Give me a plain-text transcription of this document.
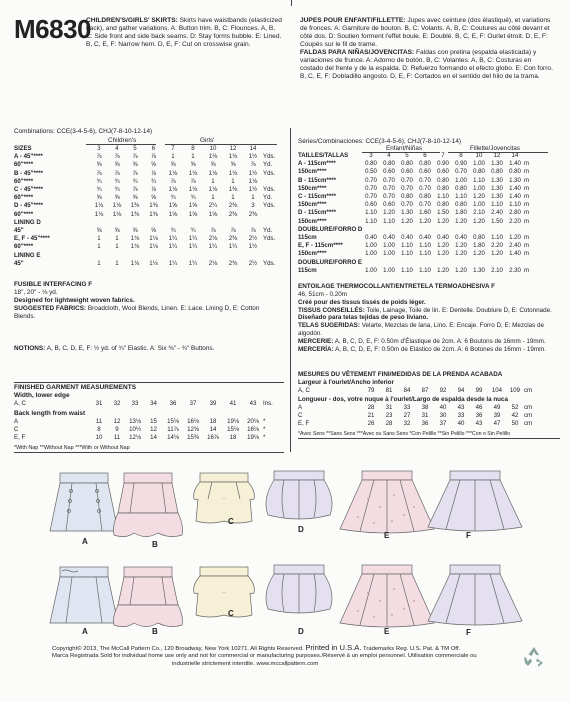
M6830
CHILDREN'S/GIRLS' SKIRTS: Skirts have waistbands (elasticized back), and gather variations. A: Button trim. B, C: Flounces. A, B, C: Side front and side back seams. D: Stay forms bubble. E: Lined. B, C, E, F: Narrow hem. D, E, F: Cut on crosswise grain.
JUPES POUR ENFANT/FILLETTE: Jupes avec ceinture (dos élastiqué), et variations de fronces. A: Garniture de bouton. B, C: Volants. A, B, C: Coutures au côté devant et côté dos. D: Soutien forment l'effet boule. E: Doublé. B, C, E, F: Ourlet étroit. D, E, F: Coupés sur le fil de trame.
FALDAS PARA NIÑAS/JOVENCITAS: Faldas con pretina (espalda elasticada) y variaciones de frunce. A: Adorno de botón. B, C: Volantes. A, B, C: Costuras en costado del frente y de la espalda. D: Refuerzo formando el efecto globo. E: Con forro. B, C, E, F: Dobladillo angosto. D, E, F: Cortados en el sentido del hilo de la trama.
Combinations: CCE(3-4-5-6), CHJ(7-8-10-12-14)
Children's	Girls'
SIZES	3	4	5	6	7	8	10	12	14	
A - 45"****	⅞	⅞	⅞	⅞	1	1	1⅛	1⅛	1½	Yds.
60"****	⅝	⅝	⅝	⅝	⅝	⅝	⅝	⅝	⅞	Yd.
B - 45"****	⅞	⅞	⅞	⅞	1⅛	1⅛	1⅛	1⅛	1½	Yds.
60"****	¾	¾	¾	¾	⅞	⅞	1	1	1⅛	
C - 45"****	¾	¾	⅞	⅞	1⅛	1⅛	1⅛	1⅜	1½	Yds.
60"****	⅝	⅝	⅝	⅝	¾	¾	1	1	1	Yd.
D - 45"****	1⅛	1⅛	1⅜	1⅜	1⅝	1⅝	2¼	2⅜	3	Yds.
60"****	1⅛	1⅛	1⅜	1⅜	1⅝	1⅝	1⅝	2⅜	2⅜	
LINING D										
45"	⅝	⅝	⅝	⅝	¾	¾	⅞	⅞	⅞	Yd.
E, F - 45"****	1	1	1⅛	1⅛	1¼	1¼	2⅛	2⅜	2½	Yds.
60"****	1	1	1⅛	1⅛	1¼	1¼	1¼	1¼	1½	
LINING E										
45"	1	1	1⅛	1⅛	1¼	1¼	2⅛	2⅜	2½	Yds.
Séries/Combinaciones: CCE(3-4-5-6), CHJ(7-8-10-12-14)
Enfant/Niñas	Fillette/Jovencitas
TAILLES/TALLAS	3	4	5	6	7	8	10	12	14	
A - 115cm****	0.80	0.80	0.80	0.80	0.90	0.90	1.00	1.30	1.40	m
150cm****	0.50	0.60	0.60	0.60	0.60	0.70	0.80	0.80	0.80	m
B - 115cm****	0.70	0.70	0.70	0.70	0.80	1.00	1.10	1.30	1.30	m
150cm****	0.70	0.70	0.70	0.70	0.80	0.80	1.00	1.30	1.40	m
C - 115cm****	0.70	0.70	0.80	0.80	1.10	1.10	1.20	1.30	1.40	m
150cm****	0.60	0.60	0.70	0.70	0.80	0.80	1.00	1.10	1.10	m
D - 115cm****	1.10	1.20	1.30	1.60	1.50	1.80	2.10	2.40	2.80	m
150cm****	1.10	1.10	1.20	1.20	1.20	1.20	1.20	1.50	2.20	m
DOUBLURE/FORRO D										
115cm	0.40	0.40	0.40	0.40	0.40	0.40	0.80	1.10	1.20	m
E, F - 115cm****	1.00	1.00	1.10	1.10	1.20	1.20	1.80	2.20	2.40	m
150cm****	1.00	1.00	1.10	1.10	1.20	1.20	1.20	1.20	1.40	m
DOUBLURE/FORRO E										
115cm	1.00	1.00	1.10	1.10	1.20	1.20	1.30	2.10	2.30	m
FUSIBLE INTERFACING F
18", 20" - ⅛ yd.
Designed for lightweight woven fabrics.
SUGGESTED FABRICS: Broadcloth, Wool Blends, Linen. E: Lace. Lining D, E: Cotton Blends.
NOTIONS: A, B, C, D, E, F: ½ yd. of ¾" Elastic. A: Six ⅜" - ¾" Buttons.
FINISHED GARMENT MEASUREMENTS
Width, lower edge
A, C	31	32	33	34	36	37	39	41	43	Ins.
Back length from waist
*With Nap **Without Nap ***With or Without Nap
ENTOILAGE THERMOCOLLANT/ENTRETELA TERMOADHESIVA F
46, 51cm - 0.20m
Créé pour des tissus tissés de poids léger.
TISSUS CONSEILLÉS: Toile, Lainage, Toile de lin. E: Dentelle. Doublure D, E: Cotonnade.
Diseñado para telas tejidas de peso liviano.
TELAS SUGERIDAS: Velarte, Mezclas de lana, Lino. E: Encaje. Forro D, E: Mezclas de algodón.
MERCERIE: A, B, C, D, E, F: 0.50m d'Élastique de 2cm. A: 6 Boutons de 16mm - 19mm.
MERCERÍA: A, B, C, D, E, F: 0.50m de Elástico de 2cm. A: 6 Botones de 16mm - 19mm.
MESURES DU VÊTEMENT FINI/MEDIDAS DE LA PRENDA ACABADA
Largeur à l'ourlet/Ancho inferior
A, C	79	81	84	87	92	94	99	104	109	cm
Longueur - dos, votre nuque à l'ourlet/Largo de espalda desde la nuca
*Avec Sens **Sans Sens ***Avec ou Sans Sens *Con Pelillo **Sin Pelillo ***Con o Sin Pelillo
A	B
C
D
E	F
A	B
C
D	E	F
Copyright© 2013, The McCall Pattern Co., 120 Broadway, New York 10271. All Rights Reserved. Printed in U.S.A. Trademarks Reg. U.S. Pat. & TM Off.
Marca Registrada Sold for individual home use only and not for commercial or manufacturing purposes./Réservé à un emploi personnel. Utilisation commerciale ou
industrielle strictement interdite. www.mccallpattern.com
A	11	12	13⅛	15	15⅛	16⅛	18	19⅛	20⅛	*
C	8	9	10½	12	11⅞	12⅝	14	15⅛	16⅛	*
E, F	10	11	12⅛	14	14⅛	15⅜	16⅞	18	19⅛	*
A	28	31	33	38	40	43	46	49	52	cm
C	21	23	27	31	30	33	36	39	42	cm
E, F	26	28	32	36	37	40	43	47	50	cm
